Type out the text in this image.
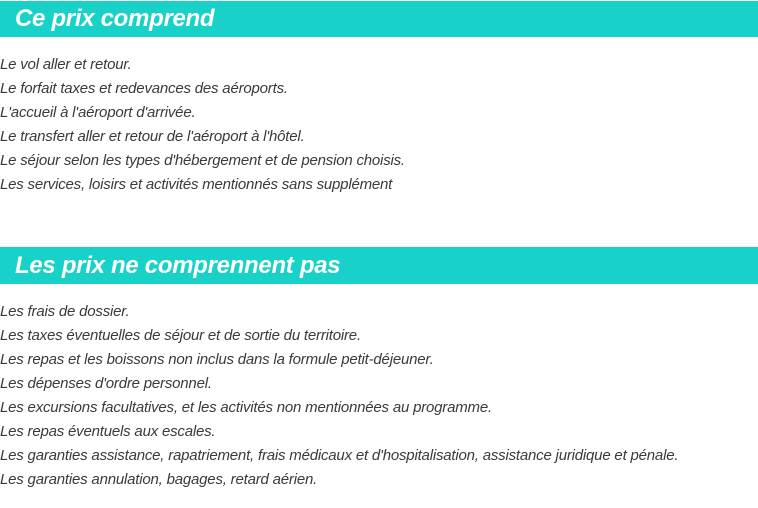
Ce prix comprend
Le vol aller et retour.
Le forfait taxes et redevances des aéroports.
L'accueil à l'aéroport d'arrivée.
Le transfert aller et retour de l'aéroport à l'hôtel.
Le séjour selon les types d'hébergement et de pension choisis.
Les services, loisirs et activités mentionnés sans supplément
Les prix ne comprennent pas
Les frais de dossier.
Les taxes éventuelles de séjour et de sortie du territoire.
Les repas et les boissons non inclus dans la formule petit-déjeuner.
Les dépenses d'ordre personnel.
Les excursions facultatives, et les activités non mentionnées au programme.
Les repas éventuels aux escales.
Les garanties assistance, rapatriement, frais médicaux et d'hospitalisation, assistance juridique et pénale.
Les garanties annulation, bagages, retard aérien.
